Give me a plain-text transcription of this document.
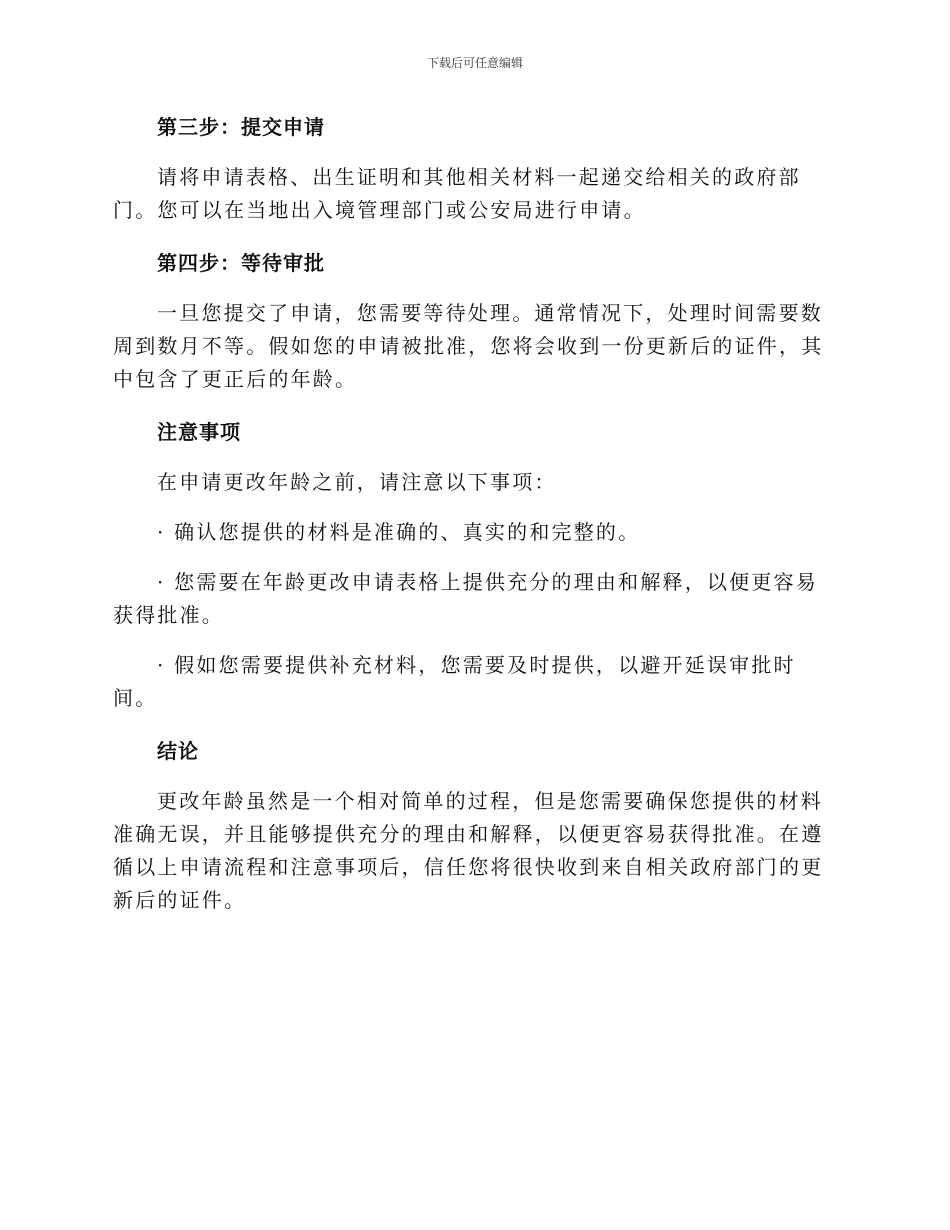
下载后可任意编辑
第三步：提交申请

请将申请表格、出生证明和其他相关材料一起递交给相关的政府部门。您可以在当地出入境管理部门或公安局进行申请。

第四步：等待审批

一旦您提交了申请，您需要等待处理。通常情况下，处理时间需要数周到数月不等。假如您的申请被批准，您将会收到一份更新后的证件，其中包含了更正后的年龄。

注意事项

在申请更改年龄之前，请注意以下事项：

· 确认您提供的材料是准确的、真实的和完整的。

· 您需要在年龄更改申请表格上提供充分的理由和解释，以便更容易获得批准。

· 假如您需要提供补充材料，您需要及时提供，以避开延误审批时间。

结论

更改年龄虽然是一个相对简单的过程，但是您需要确保您提供的材料准确无误，并且能够提供充分的理由和解释，以便更容易获得批准。在遵循以上申请流程和注意事项后，信任您将很快收到来自相关政府部门的更新后的证件。
